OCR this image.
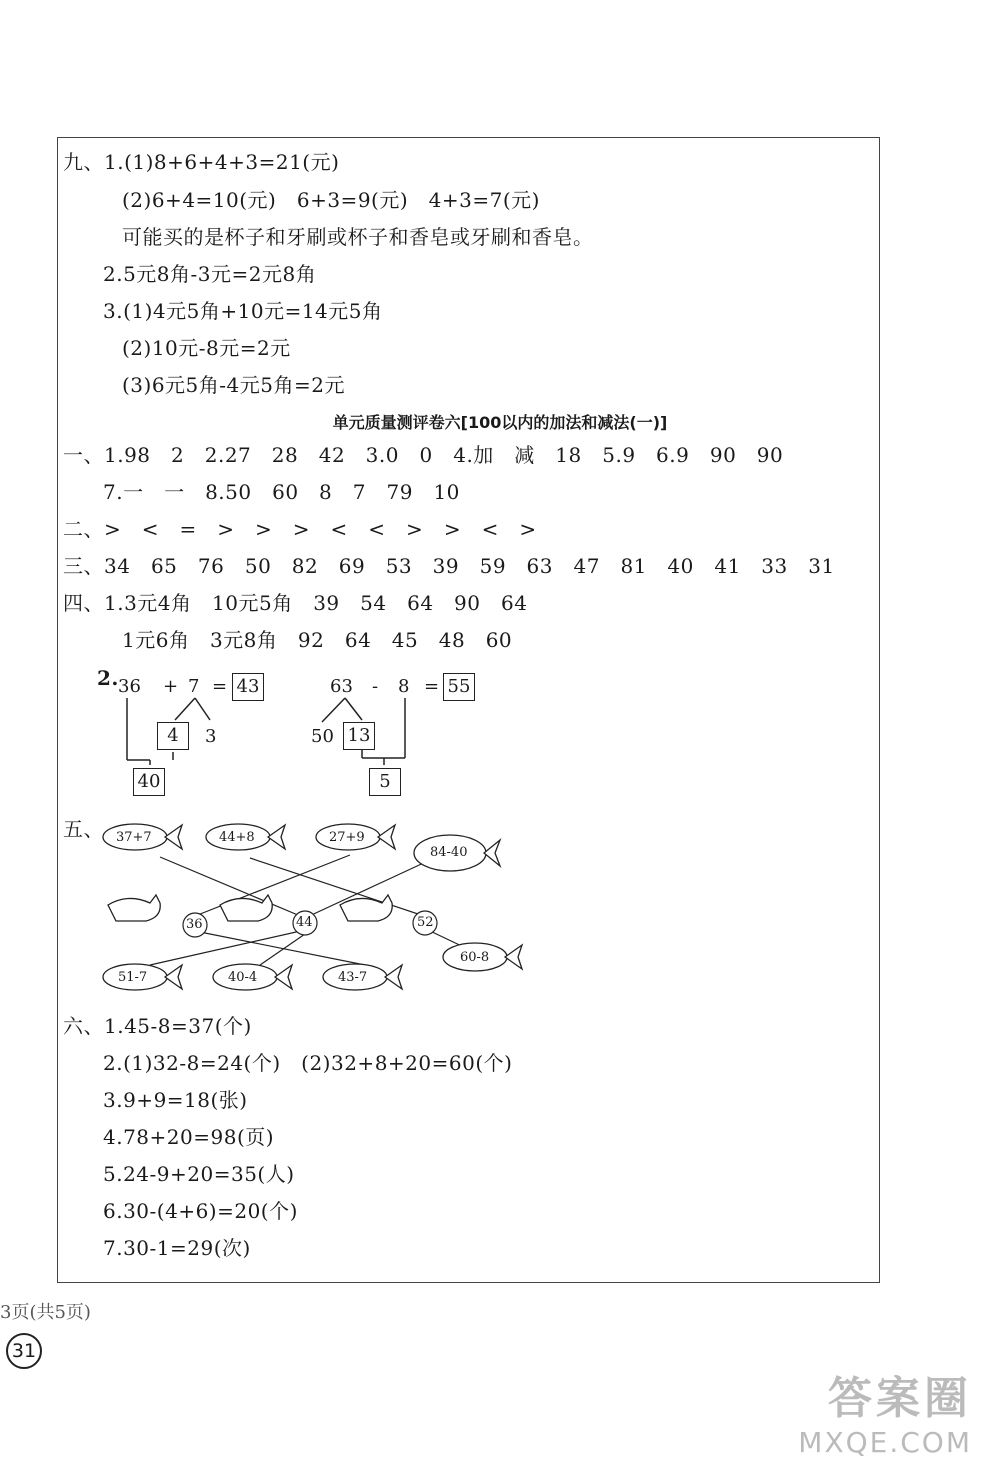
九、1.(1)8+6+4+3=21(元)
(2)6+4=10(元)　6+3=9(元)　4+3=7(元)
可能买的是杯子和牙刷或杯子和香皂或牙刷和香皂。
2.5元8角-3元=2元8角
3.(1)4元5角+10元=14元5角
(2)10元-8元=2元
(3)6元5角-4元5角=2元
单元质量测评卷六[100以内的加法和减法(一)]
一、1.98　2　2.27　28　42　3.0　0　4.加　减　18　5.9　6.9　90　90
7.一　一　8.50　60　8　7　79　10
二、>　<　=　>　>　>　<　<　>　>　<　>
三、34　65　76　50　82　69　53　39　59　63　47　81　40　41　33　31
四、1.3元4角　10元5角　39　54　64　90　64
1元6角　3元8角　92　64　45　48　60
2. 36 + 7 = 43
4	3
40
63 - 8 = 55
50 13
5
五、 37+7	44+8	27+9
84-40
36	44	52
51-7	40-4	43-7
60-8
六、1.45-8=37(个)
2.(1)32-8=24(个)　(2)32+8+20=60(个)
3.9+9=18(张)
4.78+20=98(页)
5.24-9+20=35(人)
6.30-(4+6)=20(个)
7.30-1=29(次)
3页(共5页)
31
答案圈
MXQE.COM
